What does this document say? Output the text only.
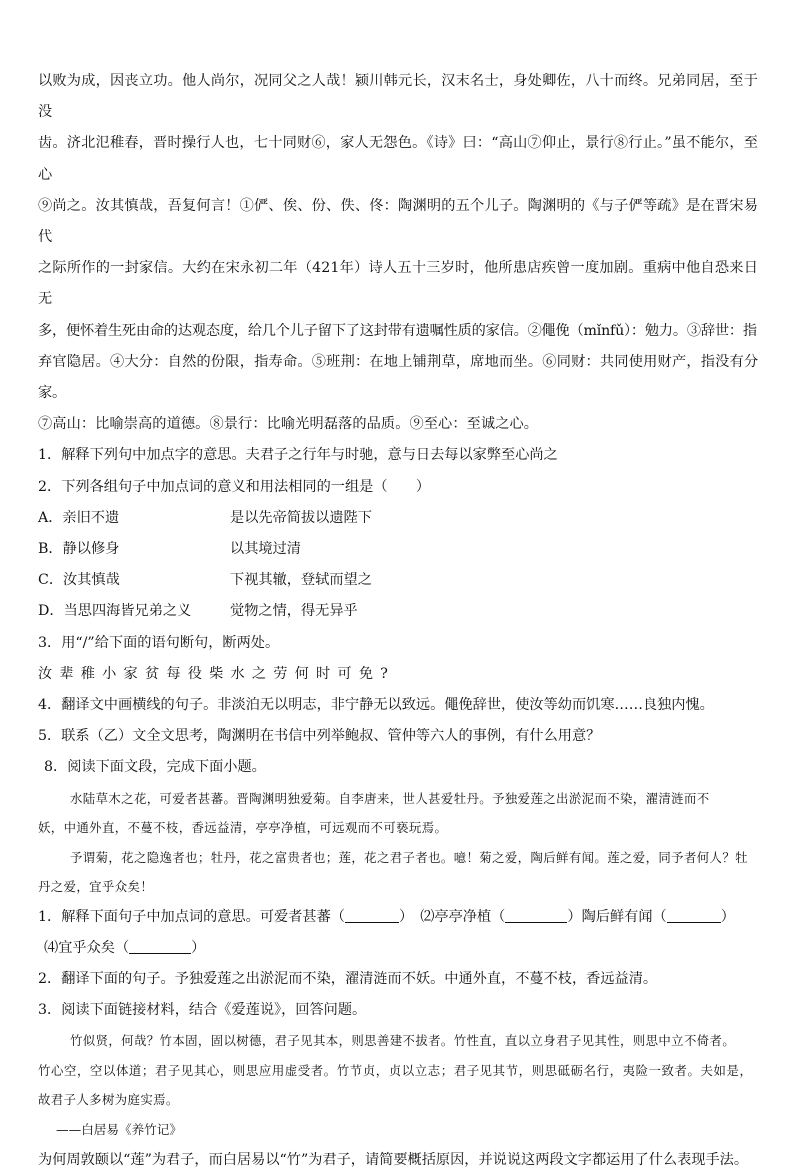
以败为成，因丧立功。他人尚尔，况同父之人哉！颍川韩元长，汉末名士，身处卿佐，八十而终。兄弟同居，至于没

齿。济北氾稚春，晋时操行人也，七十同财⑥，家人无怨色。《诗》曰：“高山⑦仰止，景行⑧行止。”虽不能尔，至心

⑨尚之。汝其慎哉，吾复何言！①俨、俟、份、佚、佟：陶渊明的五个儿子。陶渊明的《与子俨等疏》是在晋宋易代

之际所作的一封家信。大约在宋永初二年（421年）诗人五十三岁时，他所患店疾曾一度加剧。重病中他自恐来日无

多，便怀着生死由命的达观态度，给几个儿子留下了这封带有遗嘱性质的家信。②僶俛（mǐnfǔ）：勉力。③辞世：指

弃官隐居。④大分：自然的份限，指寿命。⑤班荆：在地上铺荆草，席地而坐。⑥同财：共同使用财产，指没有分家。

⑦高山：比喻崇高的道德。⑧景行：比喻光明磊落的品质。⑨至心：至诚之心。

1．解释下列句中加点字的意思。夫君子之行年与时驰，意与日去每以家弊至心尚之

2．下列各组句子中加点词的意义和用法相同的一组是（　　）

A．亲旧不遗	是以先帝简拔以遗陛下
B．静以修身	以其境过清
C．汝其慎哉	下视其辙，登轼而望之
D．当思四海皆兄弟之义	觉物之情，得无异乎

3．用“/”给下面的语句断句，断两处。

汝辈稚小家贫每役柴水之劳何时可免?

4．翻译文中画横线的句子。非淡泊无以明志，非宁静无以致远。僶俛辞世，使汝等幼而饥寒……良独内愧。

5．联系（乙）文全文思考，陶渊明在书信中列举鲍叔、管仲等六人的事例，有什么用意？

8．阅读下面文段，完成下面小题。

水陆草木之花，可爱者甚蕃。晋陶渊明独爱菊。自李唐来，世人甚爱牡丹。予独爱莲之出淤泥而不染，濯清涟而不

妖，中通外直，不蔓不枝，香远益清，亭亭净植，可远观而不可亵玩焉。

予谓菊，花之隐逸者也；牡丹，花之富贵者也；莲，花之君子者也。噫！菊之爱，陶后鲜有闻。莲之爱，同予者何人？牡

丹之爱，宜乎众矣！

1．解释下面句子中加点词的意思。可爱者甚蕃（	）　⑵亭亭净植（	）陶后鲜有闻（	）

⑷宜乎众矣（	）

2．翻译下面的句子。予独爱莲之出淤泥而不染，濯清涟而不妖。中通外直，不蔓不枝，香远益清。

3．阅读下面链接材料，结合《爱莲说》，回答问题。

竹似贤，何哉？竹本固，固以树德，君子见其本，则思善建不拔者。竹性直，直以立身君子见其性，则思中立不倚者。

竹心空，空以体道；君子见其心，则思应用虚受者。竹节贞，贞以立志；君子见其节，则思砥砺名行，夷险一致者。夫如是，

故君子人多树为庭实焉。

——白居易《养竹记》

为何周敦颐以“莲”为君子，而白居易以“竹”为君子，请简要概括原因，并说说这两段文字都运用了什么表现手法。
